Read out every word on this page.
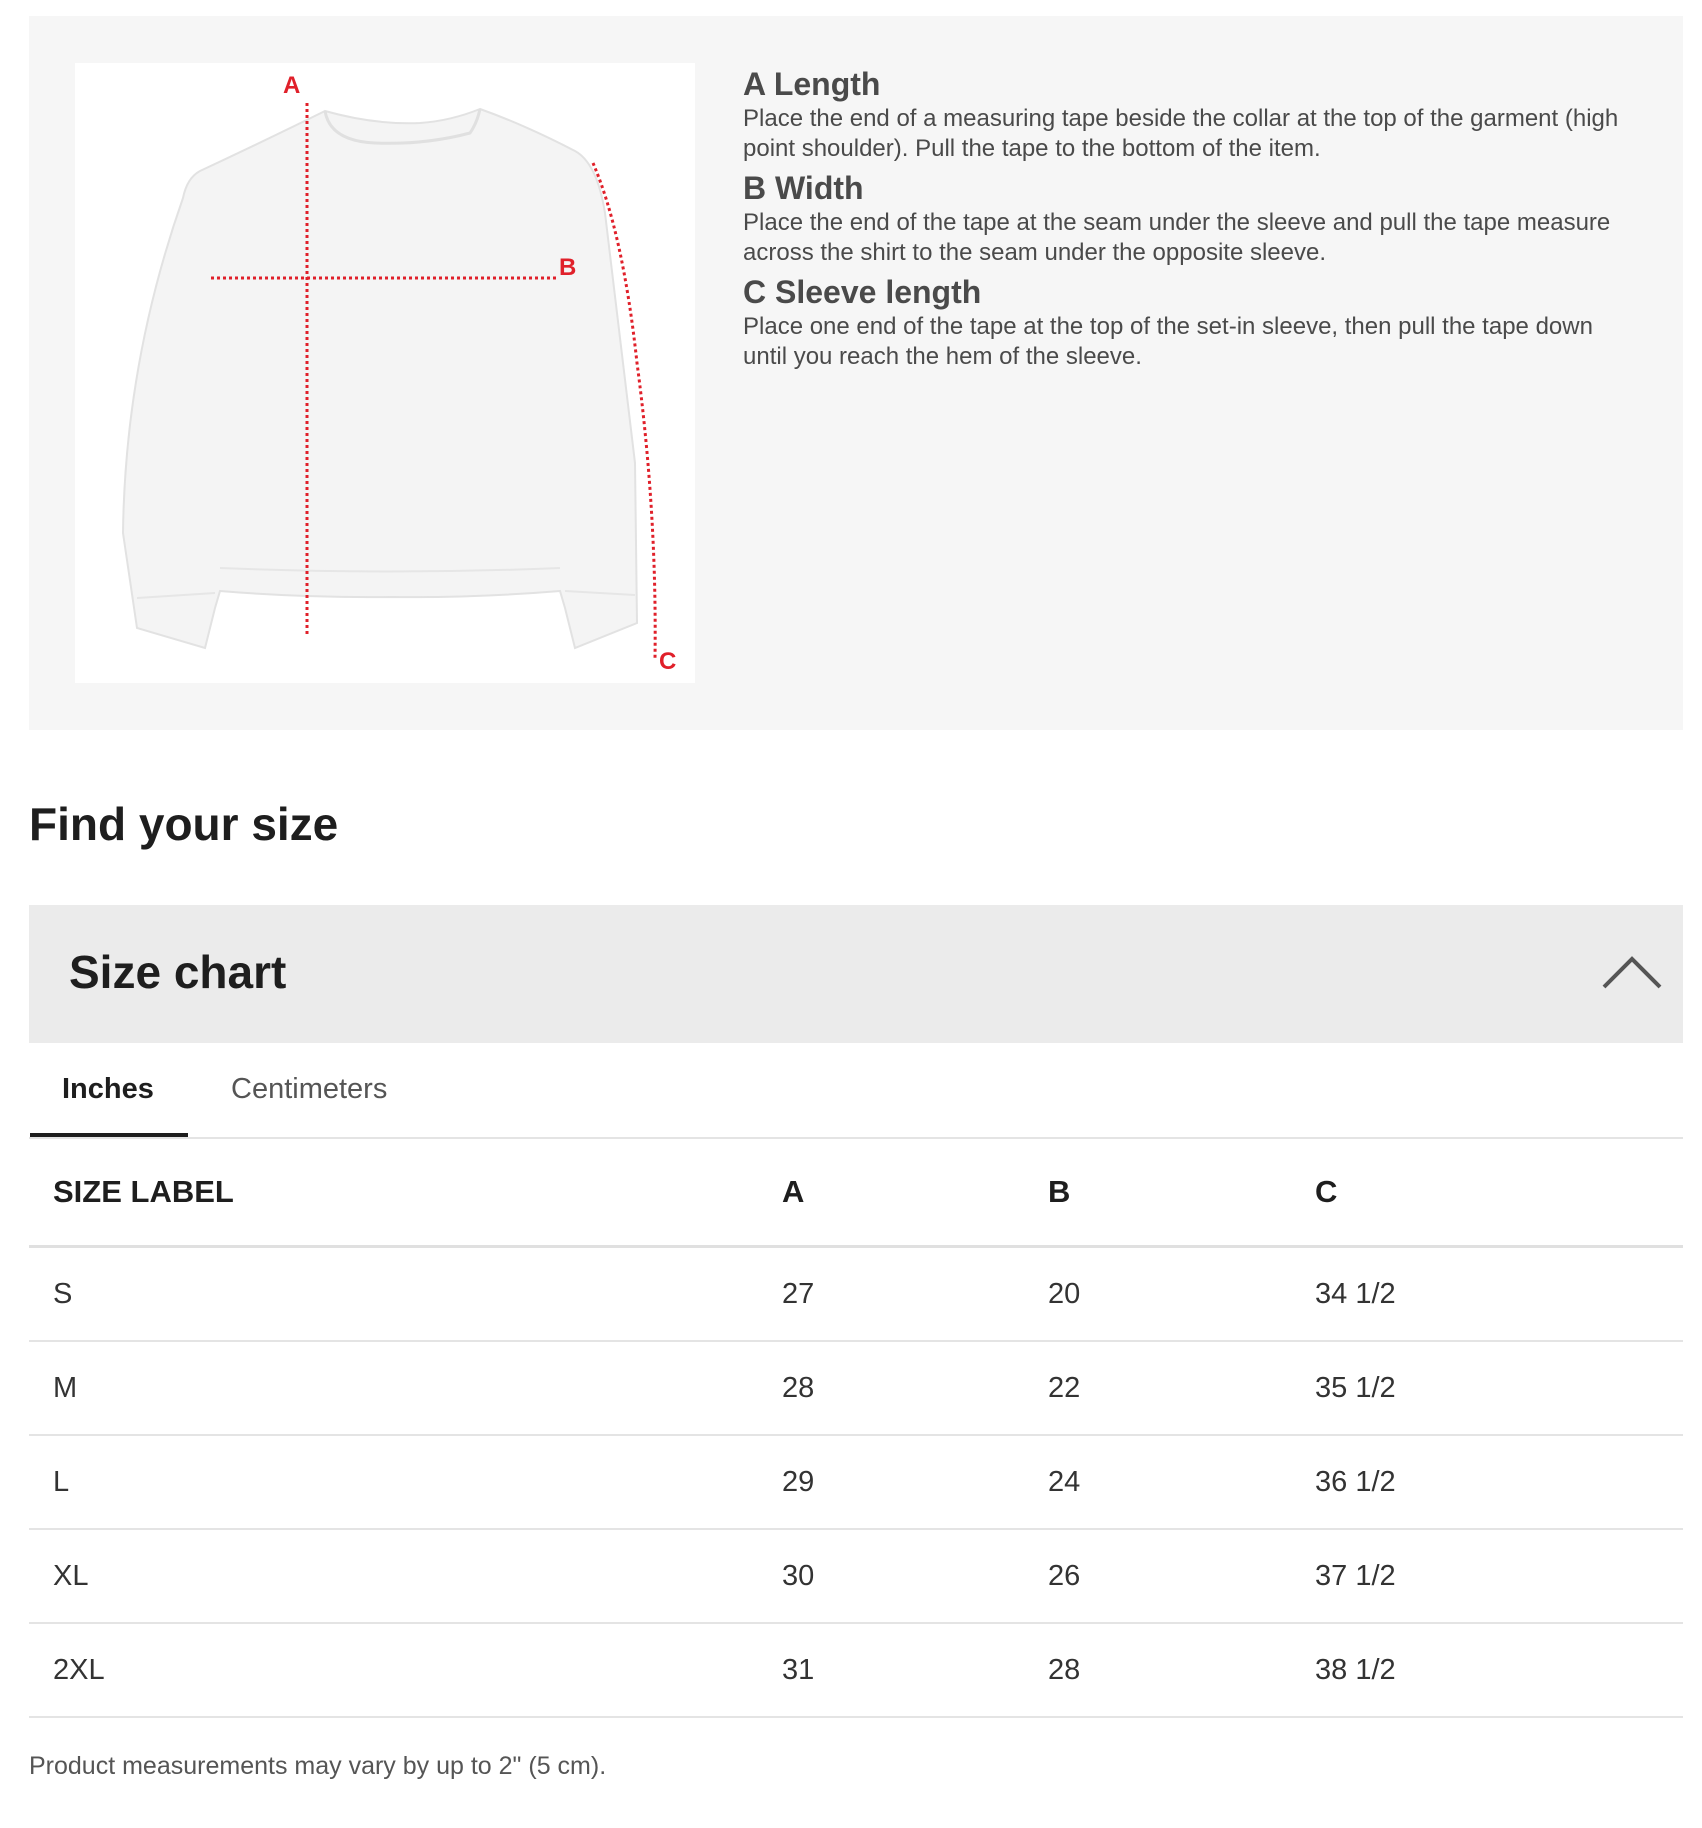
A
B
C
A Length

Place the end of a measuring tape beside the collar at the top of the garment (high point shoulder). Pull the tape to the bottom of the item.

B Width

Place the end of the tape at the seam under the sleeve and pull the tape measure across the shirt to the seam under the opposite sleeve.

C Sleeve length

Place one end of the tape at the top of the set-in sleeve, then pull the tape down until you reach the hem of the sleeve.

Find your size
Size chart
Inches	Centimeters
SIZE LABEL	A	B	C
S	27	20	34 1/2
M	28	22	35 1/2
L	29	24	36 1/2
XL	30	26	37 1/2
2XL	31	28	38 1/2
Product measurements may vary by up to 2" (5 cm).
